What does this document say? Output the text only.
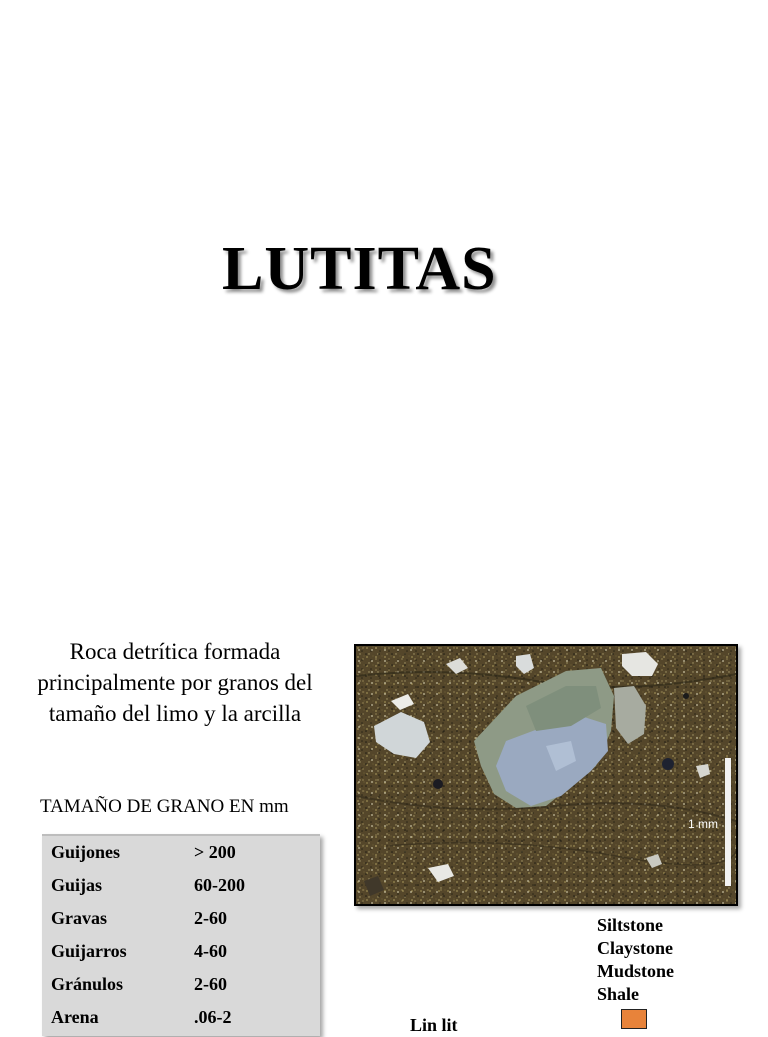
LUTITAS
Roca detrítica formada principalmente por granos del tamaño del limo y la arcilla
TAMAÑO DE GRANO EN mm
Guijones	> 200
Guijas	60-200
Gravas	2-60
Guijarros	4-60
Gránulos	2-60
Arena	.06-2
1 mm
Siltstone
Claystone
Mudstone
Shale
Lin lit
